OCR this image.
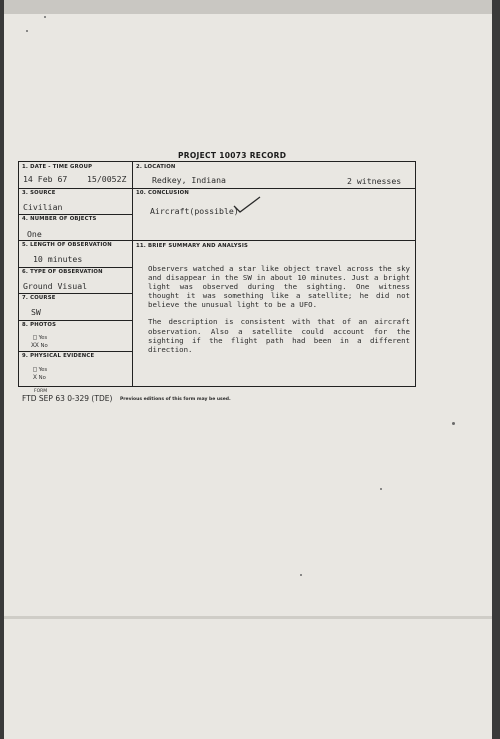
PROJECT 10073 RECORD
1. DATE - TIME GROUP
14 Feb 67 15/0052Z
2. LOCATION
Redkey, Indiana	2 witnesses
3. SOURCE
Civilian
10. CONCLUSION
Aircraft(possible)
4. NUMBER OF OBJECTS
One
5. LENGTH OF OBSERVATION
10 minutes
11. BRIEF SUMMARY AND ANALYSIS
6. TYPE OF OBSERVATION
Ground Visual
7. COURSE
SW
8. PHOTOS
□ Yes
XX No
9. PHYSICAL EVIDENCE
□ Yes
X No

Observers watched a star like object travel across the sky and disappear in the SW in about 10 minutes. Just a bright light was observed during the sighting. One witness thought it was something like a satellite; he did not believe the unusual light to be a UFO.

The description is consistent with that of an aircraft observation. Also a satellite could account for the sighting if the flight path had been in a different direction.

FORM
FTD SEP 63 0-329 (TDE) Previous editions of this form may be used.
